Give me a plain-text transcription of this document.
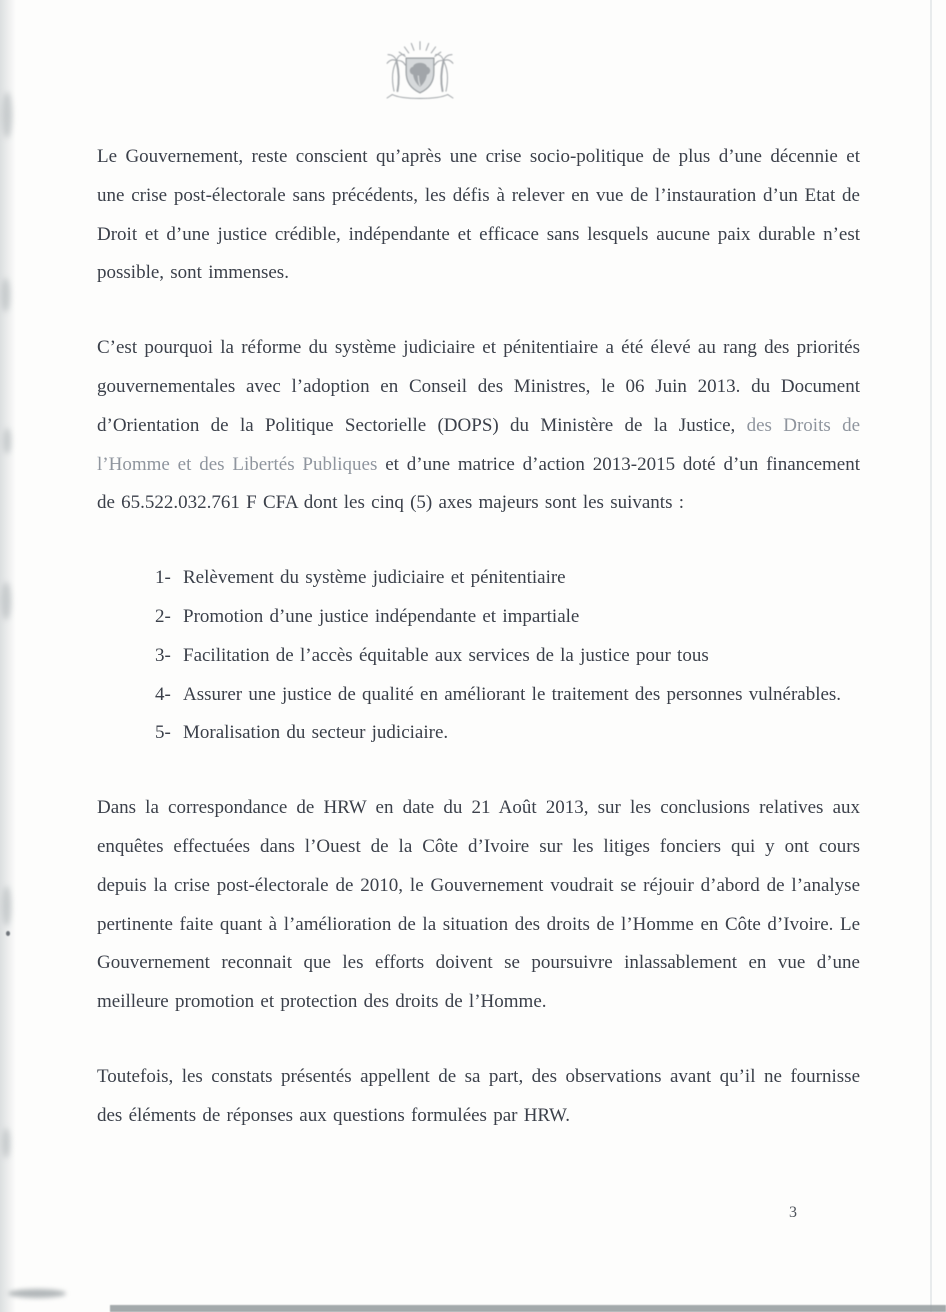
Le Gouvernement, reste conscient qu’après une crise socio-politique de plus d’une décennie et une crise post-électorale sans précédents, les défis à relever en vue de l’instauration d’un Etat de Droit et d’une justice crédible, indépendante et efficace sans lesquels aucune paix durable n’est possible, sont immenses.

C’est pourquoi la réforme du système judiciaire et pénitentiaire a été élevé au rang des priorités gouvernementales avec l’adoption en Conseil des Ministres, le 06 Juin 2013. du Document d’Orientation de la Politique Sectorielle (DOPS) du Ministère de la Justice, des Droits de l’Homme et des Libertés Publiques et d’une matrice d’action 2013-2015 doté d’un financement de 65.522.032.761 F CFA dont les cinq (5) axes majeurs sont les suivants :

1- Relèvement du système judiciaire et pénitentiaire
2- Promotion d’une justice indépendante et impartiale
3- Facilitation de l’accès équitable aux services de la justice pour tous
4- Assurer une justice de qualité en améliorant le traitement des personnes vulnérables.
5- Moralisation du secteur judiciaire.

Dans la correspondance de HRW en date du 21 Août 2013, sur les conclusions relatives aux enquêtes effectuées dans l’Ouest de la Côte d’Ivoire sur les litiges fonciers qui y ont cours depuis la crise post-électorale de 2010, le Gouvernement voudrait se réjouir d’abord de l’analyse pertinente faite quant à l’amélioration de la situation des droits de l’Homme en Côte d’Ivoire. Le Gouvernement reconnait que les efforts doivent se poursuivre inlassablement en vue d’une meilleure promotion et protection des droits de l’Homme.

Toutefois, les constats présentés appellent de sa part, des observations avant qu’il ne fournisse des éléments de réponses aux questions formulées par HRW.

3
